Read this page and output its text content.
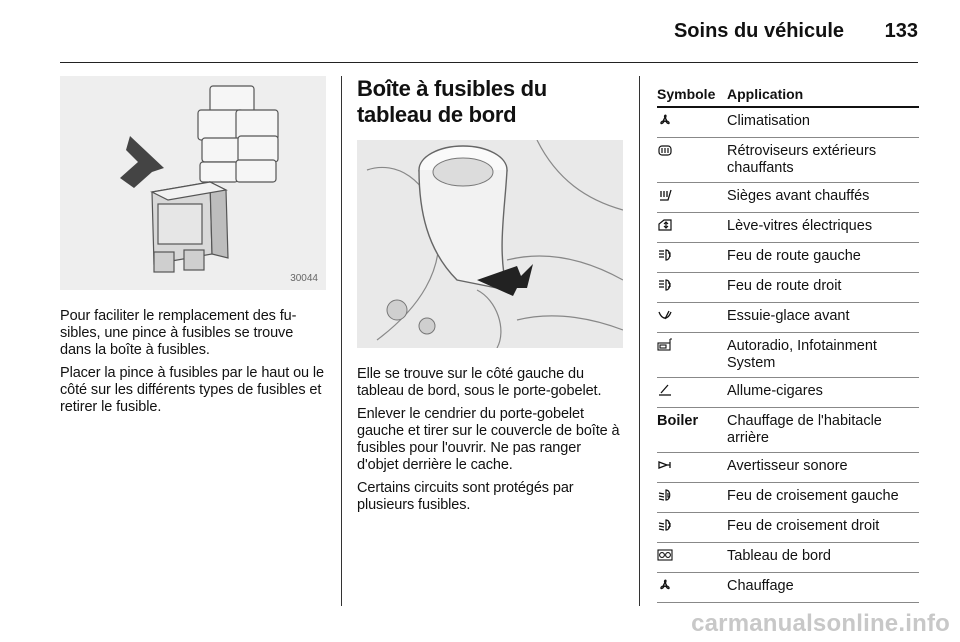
Soins du véhicule 133
30044

Pour faciliter le remplacement des fu-sibles, une pince à fusibles se trouve dans la boîte à fusibles.

Placer la pince à fusibles par le haut ou le côté sur les différents types de fusibles et retirer le fusible.

Boîte à fusibles du tableau de bord

Elle se trouve sur le côté gauche du tableau de bord, sous le porte-gobelet.

Enlever le cendrier du porte-gobelet gauche et tirer sur le couvercle de boîte à fusibles pour l'ouvrir. Ne pas ranger d'objet derrière le cache.

Certains circuits sont protégés par plusieurs fusibles.

Symbole Application
Climatisation
Rétroviseurs extérieurs chauffants
Sièges avant chauffés
Lève-vitres électriques
Feu de route gauche
Feu de route droit
Essuie-glace avant
Autoradio, Infotainment System
Allume-cigares
Boiler	Chauffage de l'habitacle arrière
Avertisseur sonore
Feu de croisement gauche
Feu de croisement droit
Tableau de bord
Chauffage
carmanualsonline.info
